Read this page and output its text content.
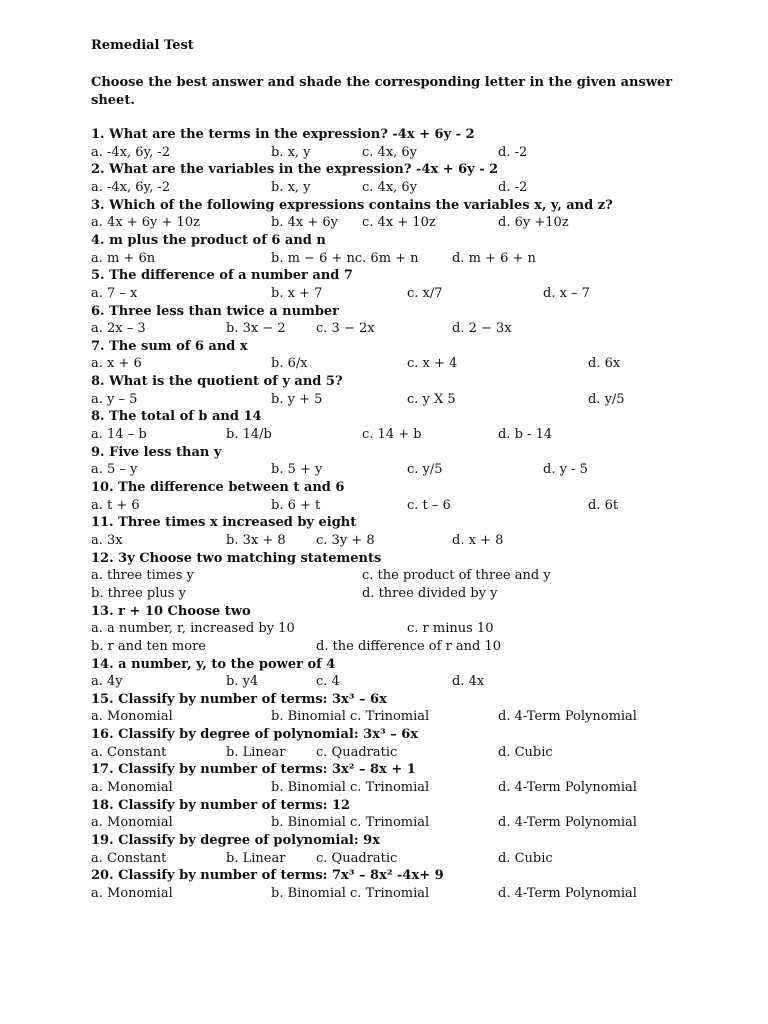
Remedial Test
Choose the best answer and shade the corresponding letter in the given answer sheet.
1. What are the terms in the expression? -4x + 6y - 2
a. -4x, 6y, -2	b. x, y	c. 4x, 6y	d. -2
2. What are the variables in the expression? -4x + 6y - 2
a. -4x, 6y, -2	b. x, y	c. 4x, 6y	d. -2
3. Which of the following expressions contains the variables x, y, and z?
a. 4x + 6y + 10z	b. 4x + 6y c. 4x + 10z	d. 6y +10z
4. m plus the product of 6 and n
a. m + 6n	b. m − 6 + nc. 6m + n	d. m + 6 + n
5. The difference of a number and 7
a. 7 – x	b. x + 7	c. x/7	d. x – 7
6. Three less than twice a number
a. 2x – 3	b. 3x − 2 c. 3 − 2x	d. 2 − 3x
7. The sum of 6 and x
a. x + 6	b. 6/x	c. x + 4	d. 6x
8. What is the quotient of y and 5?
a. y – 5	b. y + 5	c. y X 5	d. y/5
8. The total of b and 14
a. 14 – b	b. 14/b	c. 14 + b	d. b - 14
9. Five less than y
a. 5 – y	b. 5 + y	c. y/5	d. y - 5
10. The difference between t and 6
a. t + 6	b. 6 + t	c. t – 6	d. 6t
11. Three times x increased by eight
a. 3x	b. 3x + 8 c. 3y + 8	d. x + 8
12. 3y Choose two matching statements
a. three times y	c. the product of three and y
b. three plus y	d. three divided by y
13. r + 10 Choose two
a. a number, r, increased by 10	c. r minus 10
b. r and ten more	d. the difference of r and 10
14. a number, y, to the power of 4
a. 4y	b. y4	c. 4	d. 4x
15. Classify by number of terms: 3x³ – 6x
a. Monomial	b. Binomial c. Trinomial	d. 4-Term Polynomial
16. Classify by degree of polynomial: 3x³ – 6x
a. Constant	b. Linear c. Quadratic	d. Cubic
17. Classify by number of terms: 3x² – 8x + 1
a. Monomial	b. Binomial c. Trinomial	d. 4-Term Polynomial
18. Classify by number of terms: 12
a. Monomial	b. Binomial c. Trinomial	d. 4-Term Polynomial
19. Classify by degree of polynomial: 9x
a. Constant	b. Linear c. Quadratic	d. Cubic
20. Classify by number of terms: 7x³ – 8x² -4x+ 9
a. Monomial	b. Binomial c. Trinomial	d. 4-Term Polynomial
